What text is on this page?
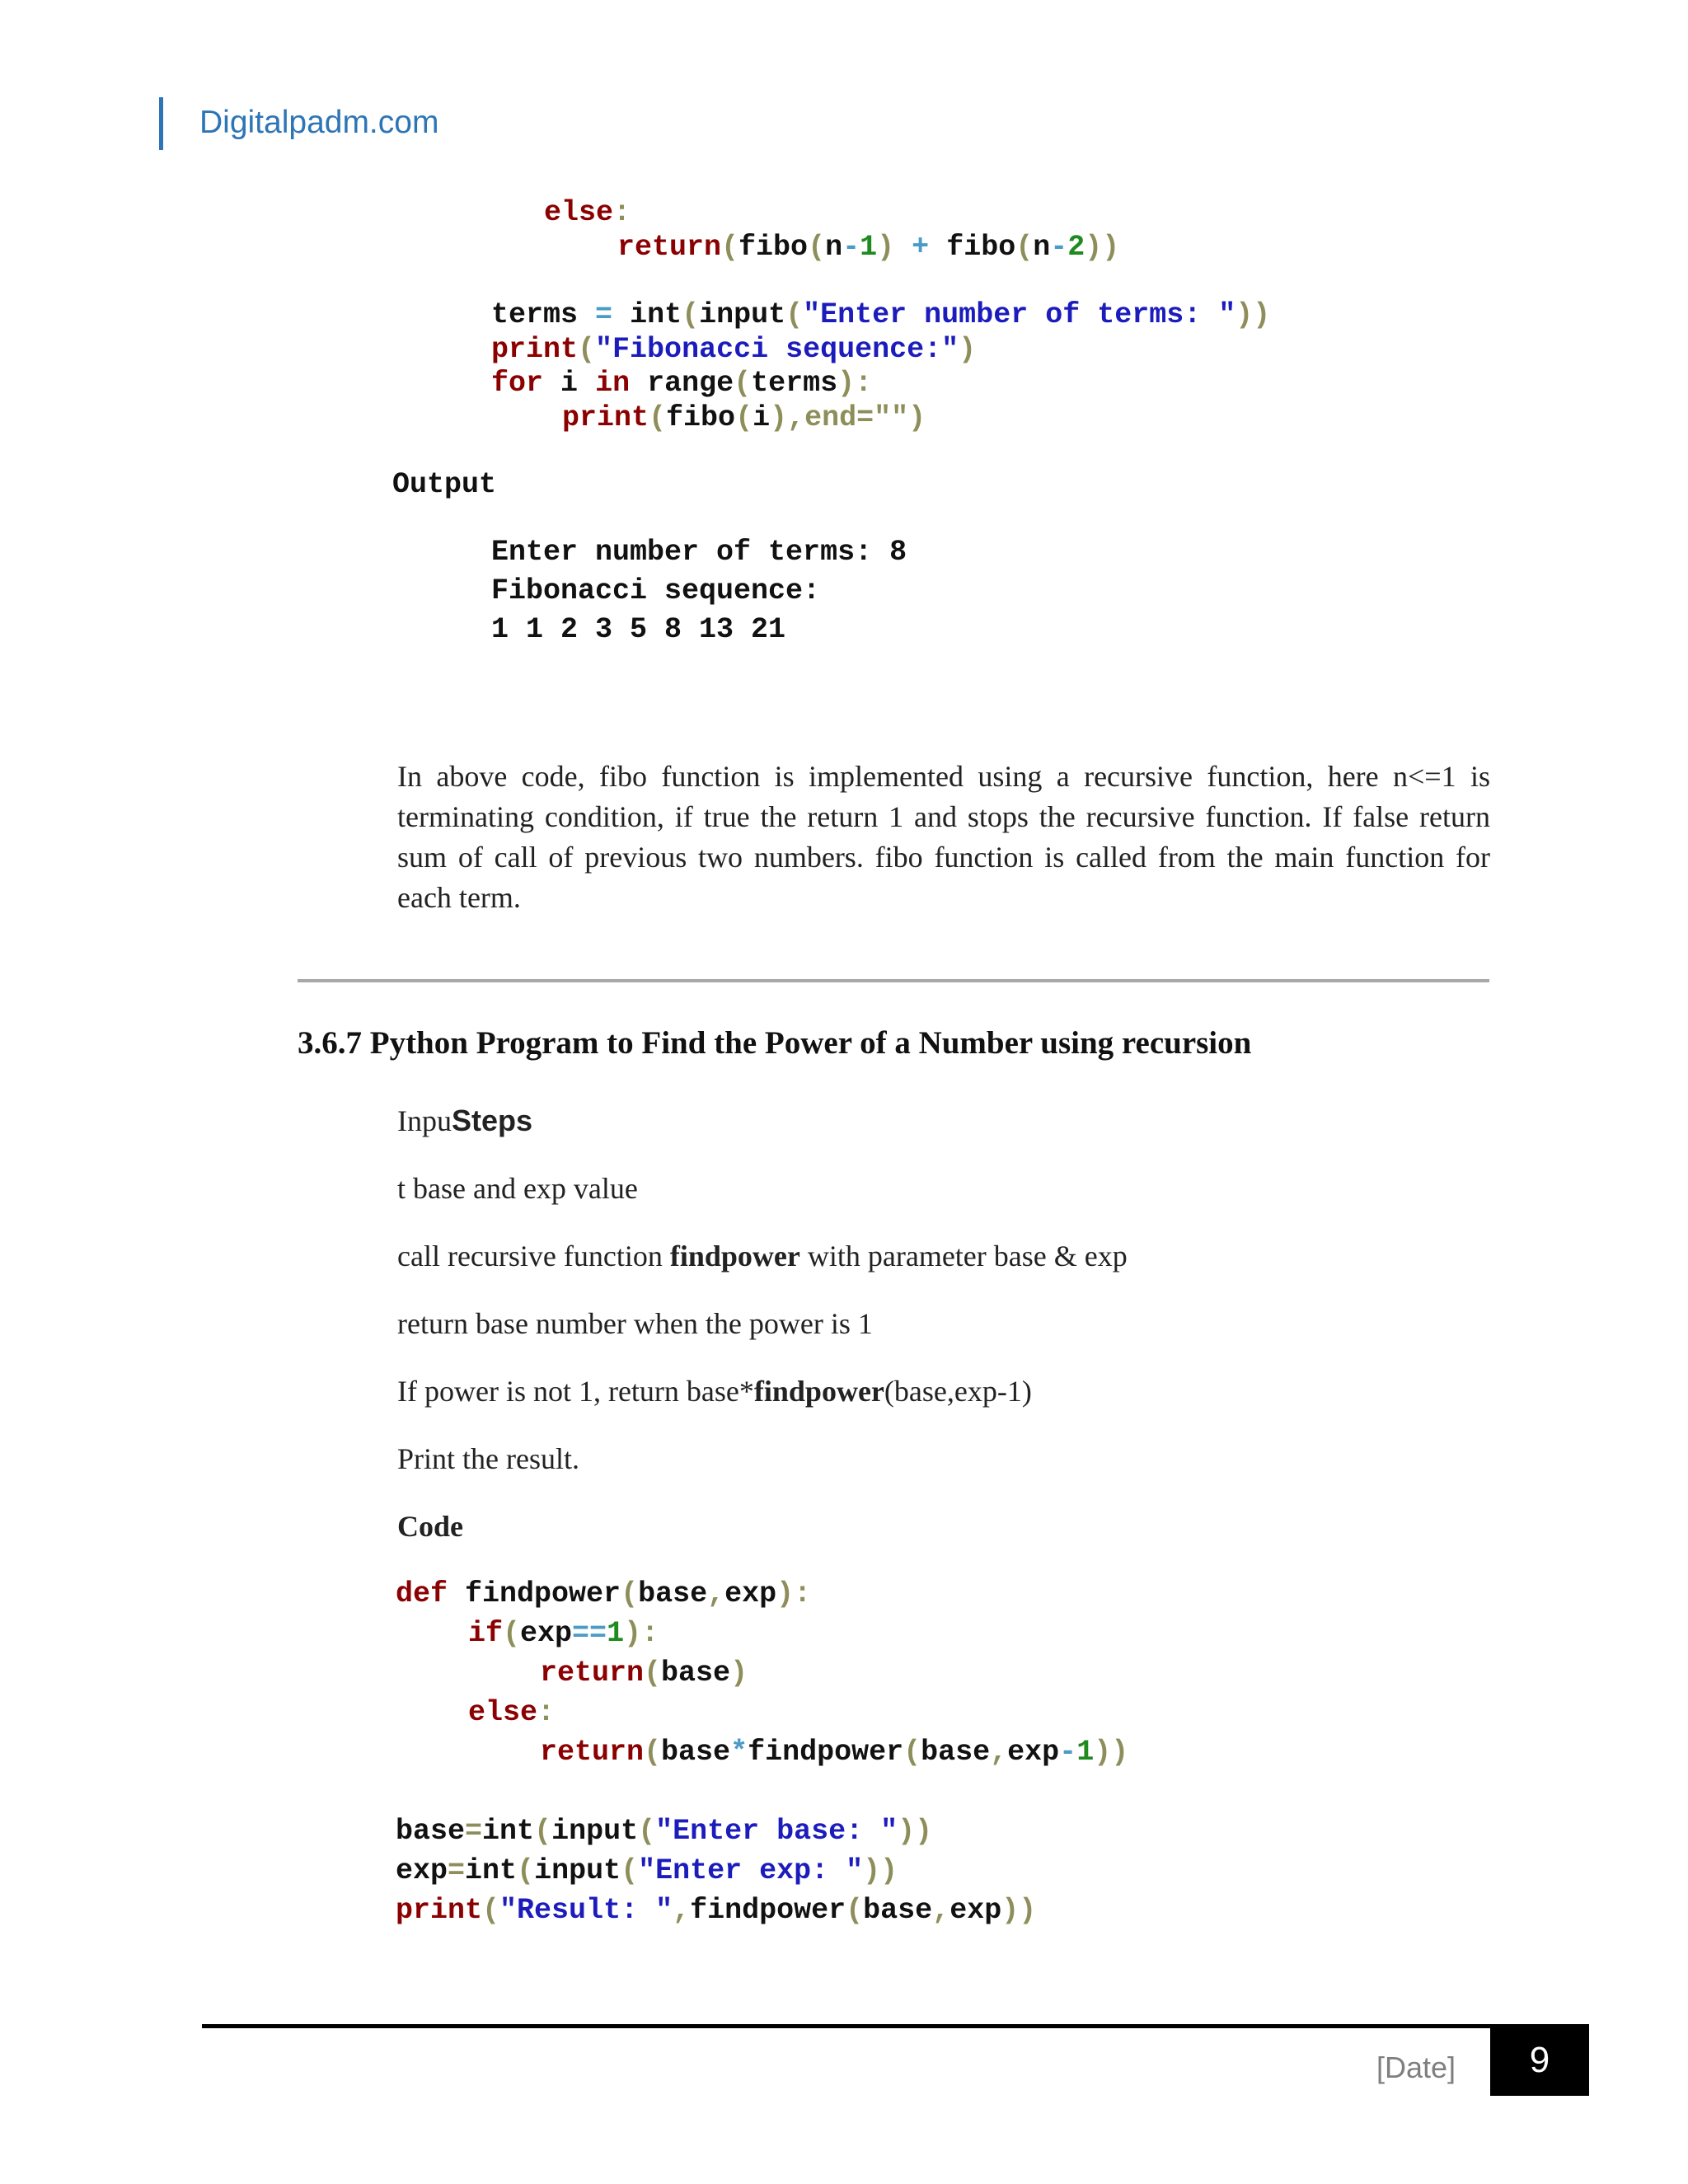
Digitalpadm.com
else:
return(fibo(n-1) + fibo(n-2))
terms = int(input("Enter number of terms: "))
print("Fibonacci sequence:")
for i in range(terms):
print(fibo(i),end="")
Output
Enter number of terms: 8
Fibonacci sequence:
1 1 2 3 5 8 13 21
In above code, fibo function is implemented using a recursive function, here n<=1 is terminating condition, if true the return 1 and stops the recursive function. If false return sum of call of previous two numbers. fibo function is called from the main function for each term.
3.6.7 Python Program to Find the Power of a Number using recursion
InpuSteps
t base and exp value
call recursive function findpower with parameter base & exp
return base number when the power is 1
If power is not 1, return base*findpower(base,exp-1)
Print the result.
Code
def findpower(base,exp):
if(exp==1):
return(base)
else:
return(base*findpower(base,exp-1))
base=int(input("Enter base: "))
exp=int(input("Enter exp: "))
print("Result: ",findpower(base,exp))
[Date]	9
